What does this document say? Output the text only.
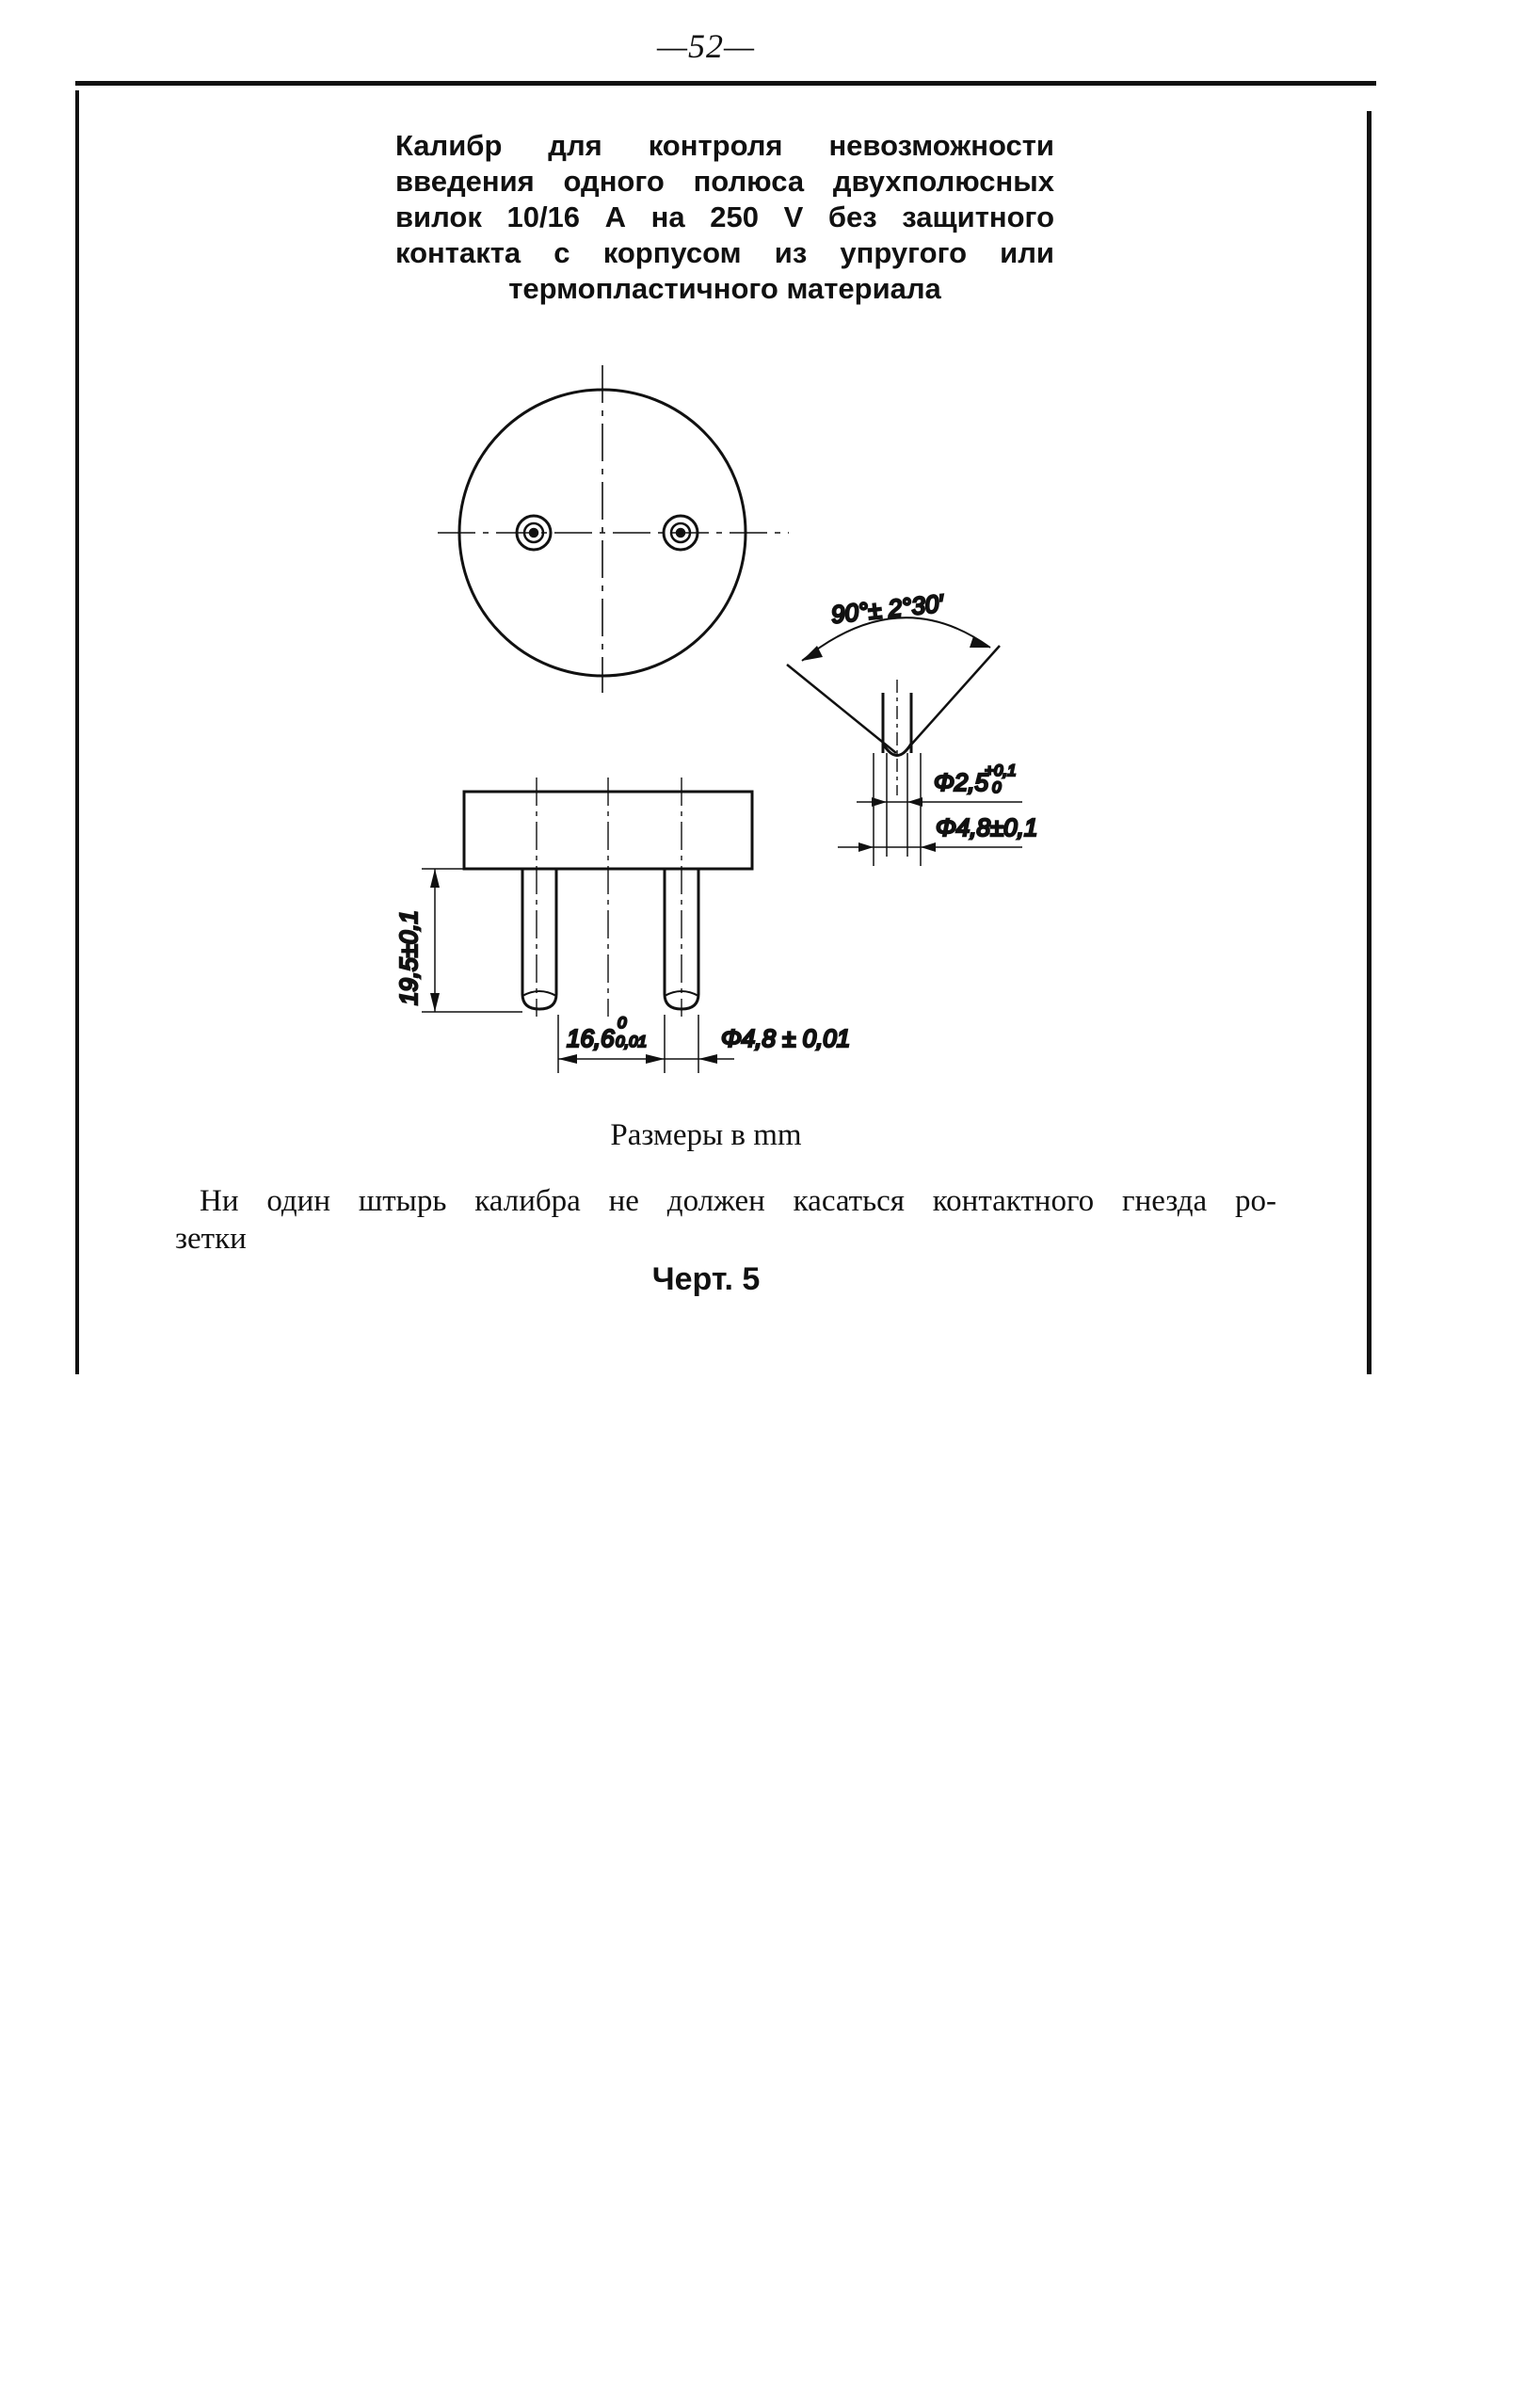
—52—
Калибр для контроля невозможности
введения одного полюса двухполюсных
вилок 10/16 А на 250 V без защитного
контакта с корпусом из упругого или
термопластичного материала
90°± 2°30′
Φ2,5
+0,1
0
Φ4,8±0,1
19,5±0,1
16,6
0
0,01	Φ4,8 ± 0,01
Размеры в mm
Ни один штырь калибра не должен касаться контактного гнезда ро-
зетки
Черт. 5
